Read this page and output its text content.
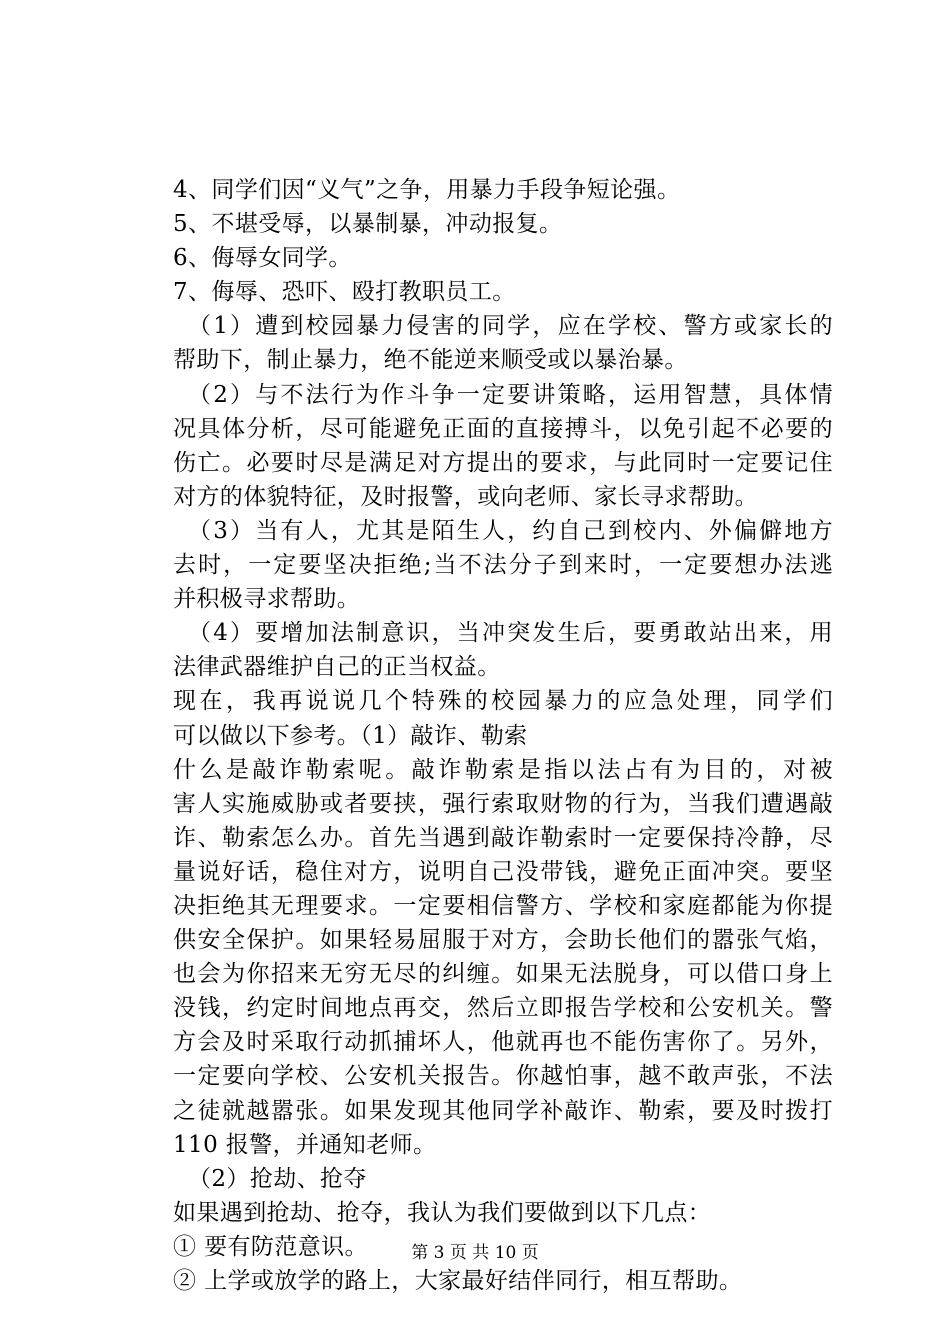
4、同学们因“义气”之争，用暴力手段争短论强。
5、不堪受辱，以暴制暴，冲动报复。
6、侮辱女同学。
7、侮辱、恐吓、殴打教职员工。
（1）遭到校园暴力侵害的同学，应在学校、警方或家长的
帮助下，制止暴力，绝不能逆来顺受或以暴治暴。
（2）与不法行为作斗争一定要讲策略，运用智慧，具体情
况具体分析，尽可能避免正面的直接搏斗，以免引起不必要的
伤亡。必要时尽是满足对方提出的要求，与此同时一定要记住
对方的体貌特征，及时报警，或向老师、家长寻求帮助。
（3）当有人，尤其是陌生人，约自己到校内、外偏僻地方
去时，一定要坚决拒绝;当不法分子到来时，一定要想办法逃
并积极寻求帮助。
（4）要增加法制意识，当冲突发生后，要勇敢站出来，用
法律武器维护自己的正当权益。
现在，我再说说几个特殊的校园暴力的应急处理，同学们
可以做以下参考。（1）敲诈、勒索
什么是敲诈勒索呢。敲诈勒索是指以法占有为目的，对被
害人实施威胁或者要挟，强行索取财物的行为，当我们遭遇敲
诈、勒索怎么办。首先当遇到敲诈勒索时一定要保持冷静，尽
量说好话，稳住对方，说明自己没带钱，避免正面冲突。要坚
决拒绝其无理要求。一定要相信警方、学校和家庭都能为你提
供安全保护。如果轻易屈服于对方，会助长他们的嚣张气焰，
也会为你招来无穷无尽的纠缠。如果无法脱身，可以借口身上
没钱，约定时间地点再交，然后立即报告学校和公安机关。警
方会及时采取行动抓捕坏人，他就再也不能伤害你了。另外，
一定要向学校、公安机关报告。你越怕事，越不敢声张，不法
之徒就越嚣张。如果发现其他同学补敲诈、勒索，要及时拨打
110 报警，并通知老师。
（2）抢劫、抢夺
如果遇到抢劫、抢夺，我认为我们要做到以下几点：
① 要有防范意识。
② 上学或放学的路上，大家最好结伴同行，相互帮助。
第 3 页 共 10 页
